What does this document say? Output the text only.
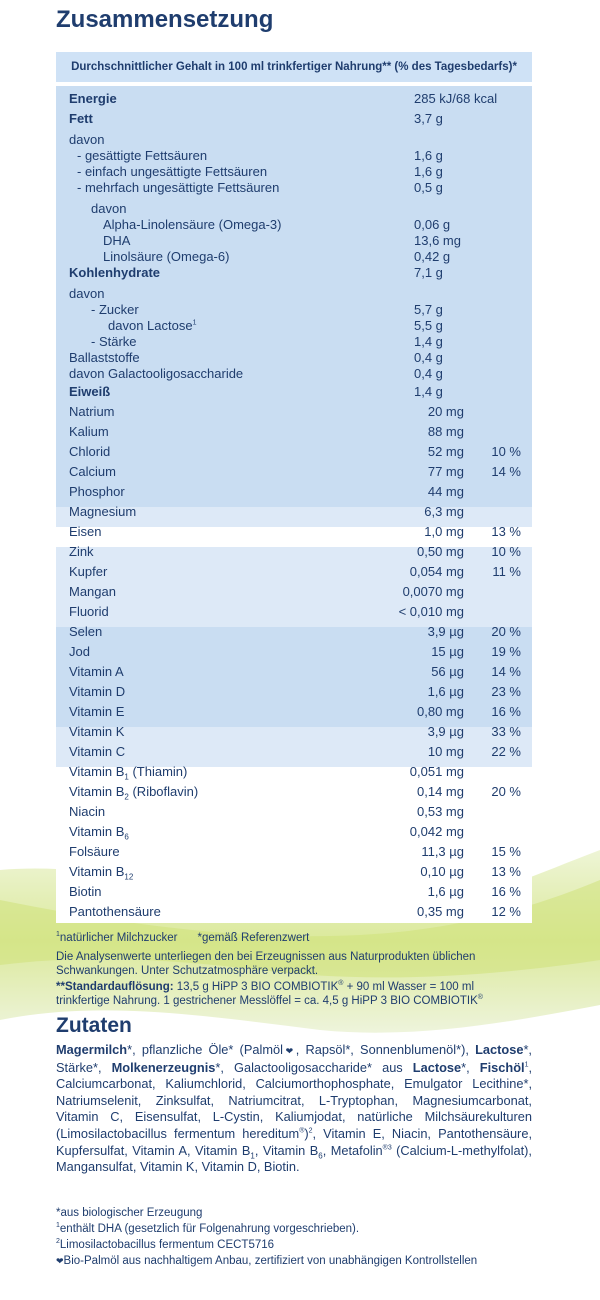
Zusammensetzung
Durchschnittlicher Gehalt in 100 ml trinkfertiger Nahrung** (% des Tagesbedarfs)*
Energie	285 kJ/68 kcal
Fett	3,7 g
davon
- gesättigte Fettsäuren	1,6 g
- einfach ungesättigte Fettsäuren	1,6 g
- mehrfach ungesättigte Fettsäuren	0,5 g
davon
Alpha-Linolensäure (Omega-3)	0,06 g
DHA	13,6 mg
Linolsäure (Omega-6)	0,42 g
Kohlenhydrate	7,1 g
davon
- Zucker	5,7 g
davon Lactose$^1$	5,5 g
- Stärke	1,4 g
Ballaststoffe	0,4 g
davon Galactooligosaccharide	0,4 g
Eiweiß	1,4 g
Natrium	20 mg
Kalium	88 mg
Chlorid	52 mg	10 %
Calcium	77 mg	14 %
Phosphor	44 mg
Magnesium	6,3 mg
Eisen	1,0 mg	13 %
Zink	0,50 mg	10 %
Kupfer	0,054 mg	11 %
Mangan	0,0070 mg
Fluorid	< 0,010 mg
Selen	3,9 µg	20 %
Jod	15 µg	19 %
Vitamin A	56 µg	14 %
Vitamin D	1,6 µg	23 %
Vitamin E	0,80 mg	16 %
Vitamin K	3,9 µg	33 %
Vitamin C	10 mg	22 %
Vitamin $B_1$ (Thiamin)	0,051 mg
Vitamin $B_2$ (Riboflavin)	0,14 mg	20 %
Niacin	0,53 mg
Vitamin $B_6$	0,042 mg
Folsäure	11,3 µg	15 %
Vitamin $B_{12}$	0,10 µg	13 %
Biotin	1,6 µg	16 %
Pantothensäure	0,35 mg	12 %
$^1$natürlicher Milchzucker *gemäß Referenzwert
Die Analysenwerte unterliegen den bei Erzeugnissen aus Naturprodukten üblichen
Schwankungen. Unter Schutzatmosphäre verpackt.
**Standardauflösung: 13,5 g HiPP 3 BIO COMBIOTIK® + 90 ml Wasser = 100 ml
trinkfertige Nahrung. 1 gestrichener Messlöffel = ca. 4,5 g HiPP 3 BIO COMBIOTIK®
Zutaten
Magermilch*, pflanzliche Öle* (Palmöl❤, Rapsöl*, Sonnenblumenöl*), Lactose*, Stärke*, Molkenerzeugnis*, Galactooligosaccharide* aus Lactose*, Fischöl$^1$, Calciumcarbonat, Kaliumchlorid, Calciumorthophosphate, Emulgator Lecithine*, Natriumselenit, Zinksulfat, Natriumcitrat, L-Tryptophan, Magnesiumcarbonat, Vitamin C, Eisensulfat, L-Cystin, Kaliumjodat, natürliche Milchsäurekulturen (Limosilactobacillus fermentum hereditum®)$^2$, Vitamin E, Niacin, Pantothensäure, Kupfersulfat, Vitamin A, Vitamin $B_1$, Vitamin $B_6$, Metafolin$^{®3}$ (Calcium-L-methylfolat), Mangansulfat, Vitamin K, Vitamin D, Biotin.
*aus biologischer Erzeugung
$^1$enthält DHA (gesetzlich für Folgenahrung vorgeschrieben).
$^2$Limosilactobacillus fermentum CECT5716
❤Bio-Palmöl aus nachhaltigem Anbau, zertifiziert von unabhängigen Kontrollstellen
